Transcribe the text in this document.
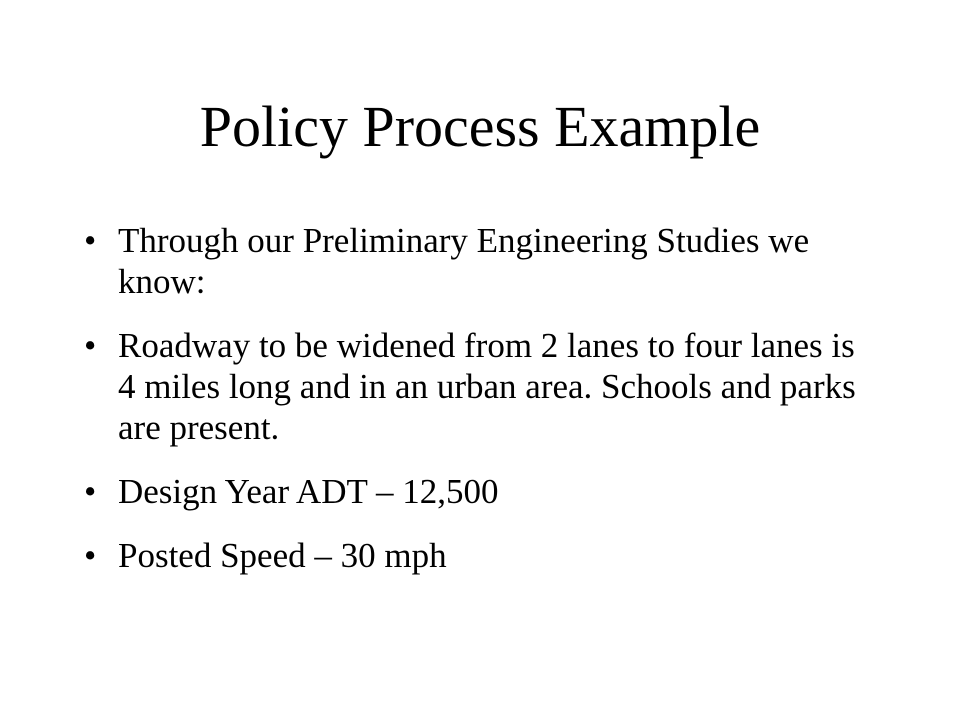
Policy Process Example
• Through our Preliminary Engineering Studies we know:
• Roadway to be widened from 2 lanes to four lanes is 4 miles long and in an urban area. Schools and parks are present.
• Design Year ADT – 12,500
• Posted Speed – 30 mph
